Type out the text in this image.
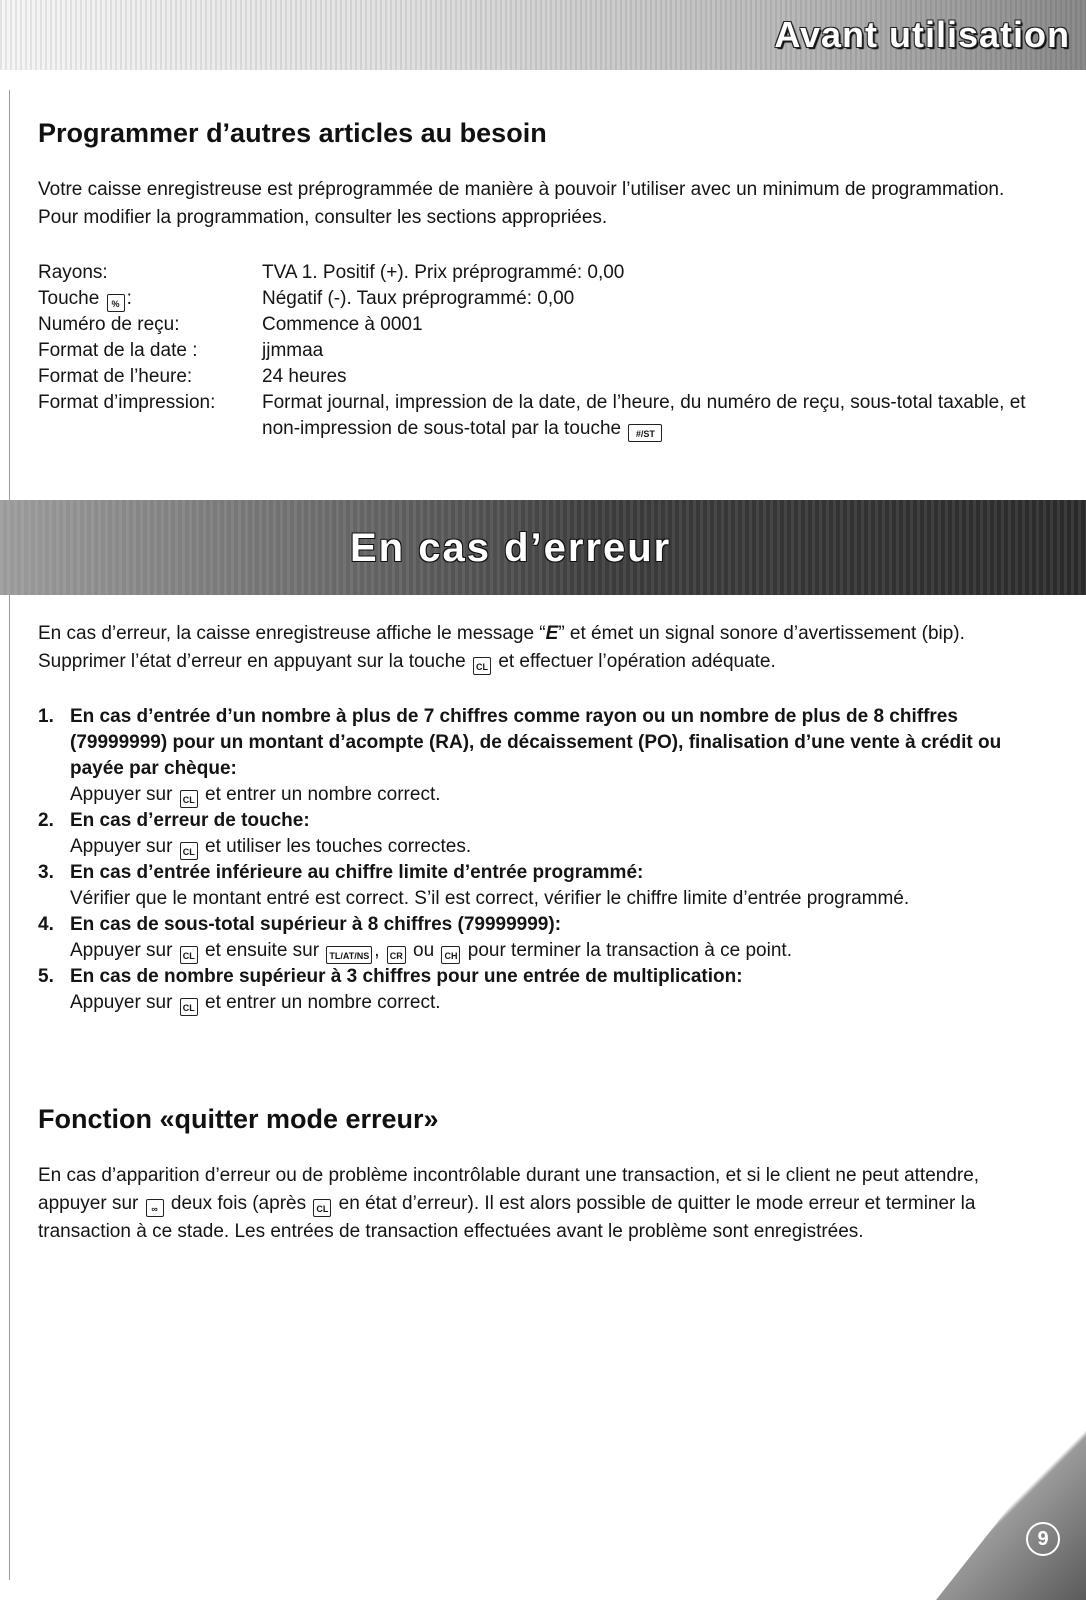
Avant utilisation
Programmer d’autres articles au besoin

Votre caisse enregistreuse est préprogrammée de manière à pouvoir l’utiliser avec un minimum de programmation. Pour modifier la programmation, consulter les sections appropriées.

Rayons:	TVA 1. Positif (+). Prix préprogrammé: 0,00
Touche % :	Négatif (-). Taux préprogrammé: 0,00
Numéro de reçu:	Commence à 0001
Format de la date :	jjmmaa
Format de l’heure:	24 heures
Format d’impression:	Format journal, impression de la date, de l’heure, du numéro de reçu, sous-total taxable, et non-impression de sous-total par la touche #/ST
En cas d’erreur

En cas d’erreur, la caisse enregistreuse affiche le message “E” et émet un signal sonore d’avertissement (bip). Supprimer l’état d’erreur en appuyant sur la touche CL et effectuer l’opération adéquate.

1. En cas d’entrée d’un nombre à plus de 7 chiffres comme rayon ou un nombre de plus de 8 chiffres (79999999) pour un montant d’acompte (RA), de décaissement (PO), finalisation d’une vente à crédit ou payée par chèque:
Appuyer sur CL et entrer un nombre correct.
2. En cas d’erreur de touche:
Appuyer sur CL et utiliser les touches correctes.
3. En cas d’entrée inférieure au chiffre limite d’entrée programmé:
Vérifier que le montant entré est correct. S’il est correct, vérifier le chiffre limite d’entrée programmé.
4. En cas de sous-total supérieur à 8 chiffres (79999999):
Appuyer sur CL et ensuite sur TL/AT/NS , CR ou CH pour terminer la transaction à ce point.
5. En cas de nombre supérieur à 3 chiffres pour une entrée de multiplication:
Appuyer sur CL et entrer un nombre correct.
Fonction «quitter mode erreur»

En cas d’apparition d’erreur ou de problème incontrôlable durant une transaction, et si le client ne peut attendre, appuyer sur ∞ deux fois (après CL en état d’erreur). Il est alors possible de quitter le mode erreur et terminer la transaction à ce stade. Les entrées de transaction effectuées avant le problème sont enregistrées.

9
